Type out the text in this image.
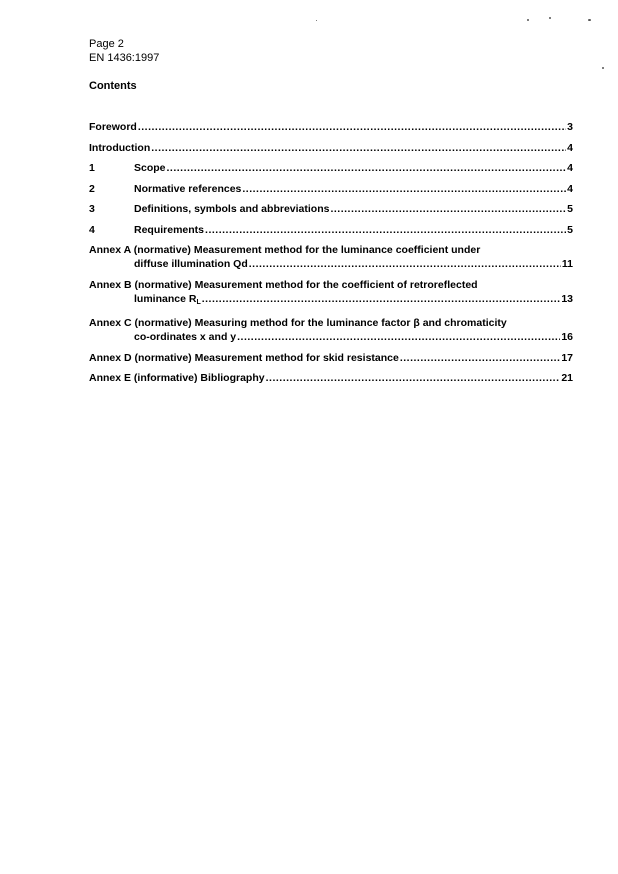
Page 2
EN 1436:1997
Contents
Foreword .....	3
Introduction .....	4
1	Scope .....	4
2	Normative references .....	4
3	Definitions, symbols and abbreviations .....	5
4	Requirements .....	5
Annex A (normative) Measurement method for the luminance coefficient under
diffuse illumination Qd .....	11
Annex B (normative) Measurement method for the coefficient of retroreflected
luminance $R_L$ .....	13
Annex C (normative) Measuring method for the luminance factor β and chromaticity
co-ordinates x and y .....	16
Annex D (normative) Measurement method for skid resistance .....	17
Annex E (informative) Bibliography .....	21
